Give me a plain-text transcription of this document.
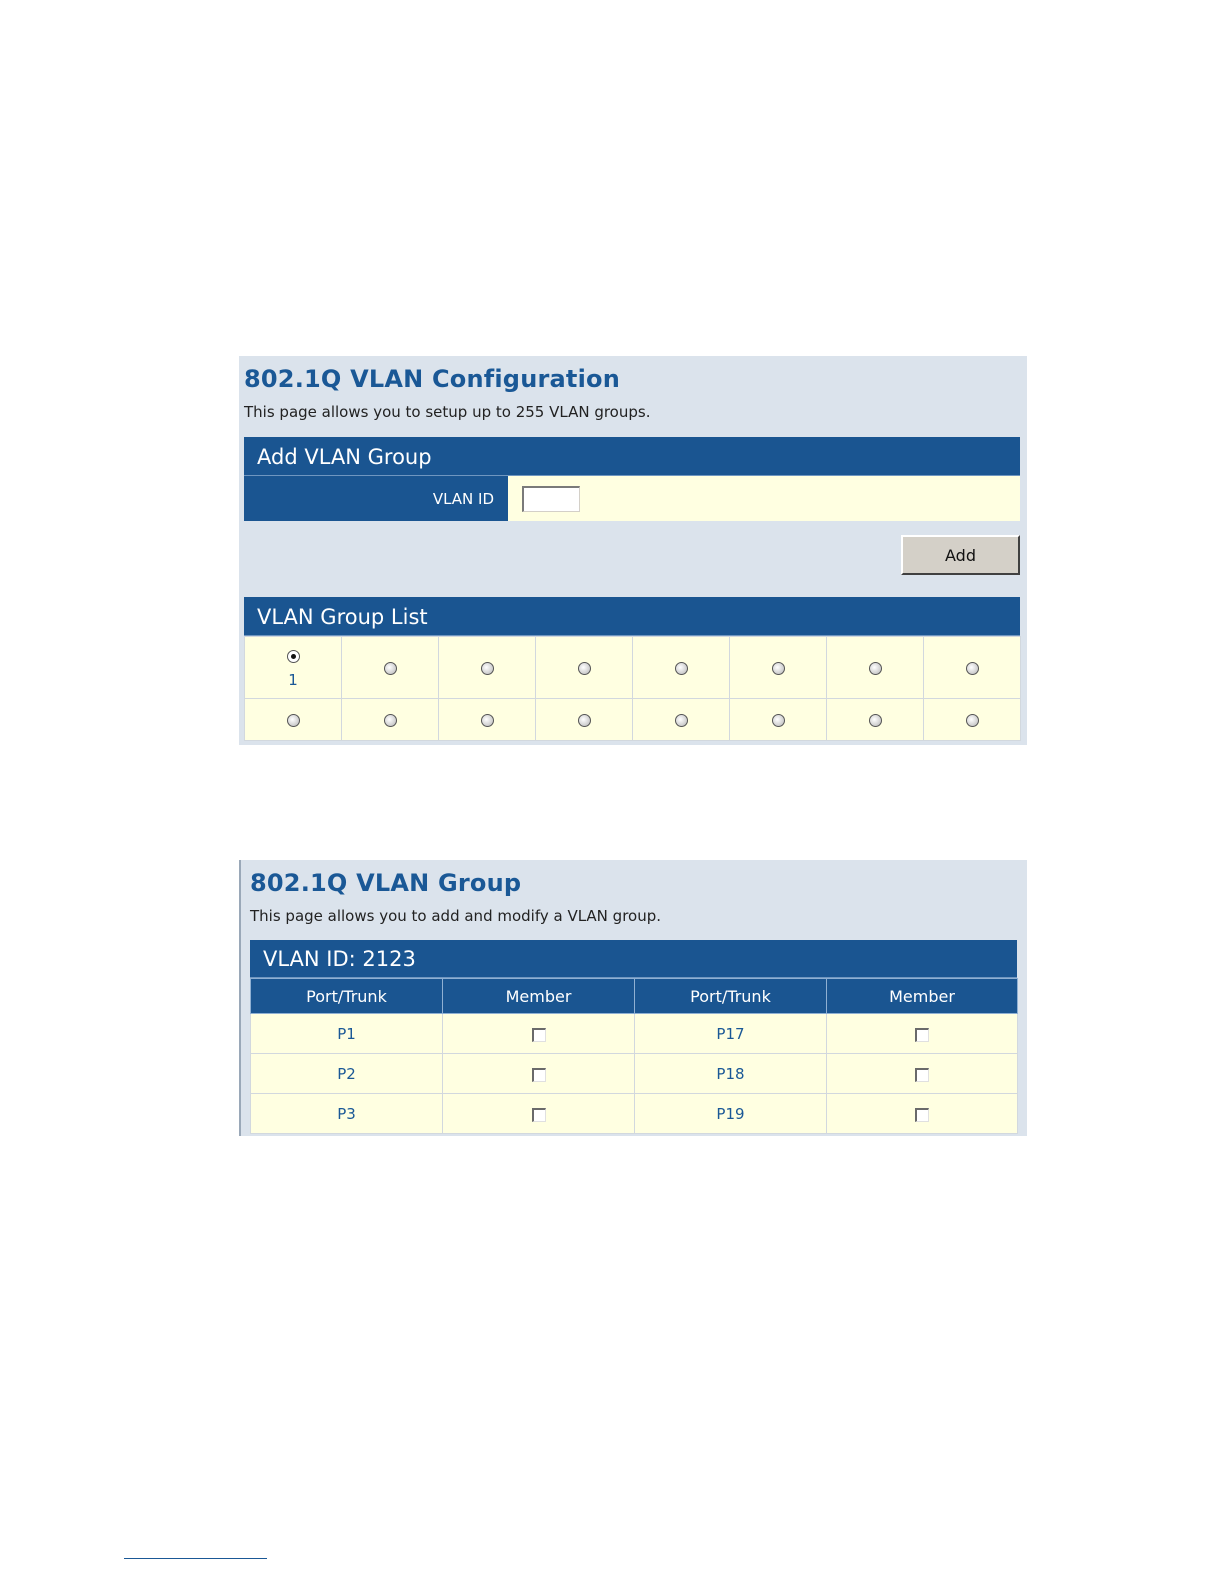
802.1Q VLAN Configuration
This page allows you to setup up to 255 VLAN groups.
Add VLAN Group
VLAN ID
Add
VLAN Group List
1							

802.1Q VLAN Group
This page allows you to add and modify a VLAN group.
VLAN ID: 2123
Port/Trunk	Member	Port/Trunk	Member
P1		P17	
P2		P18	
P3		P19	
